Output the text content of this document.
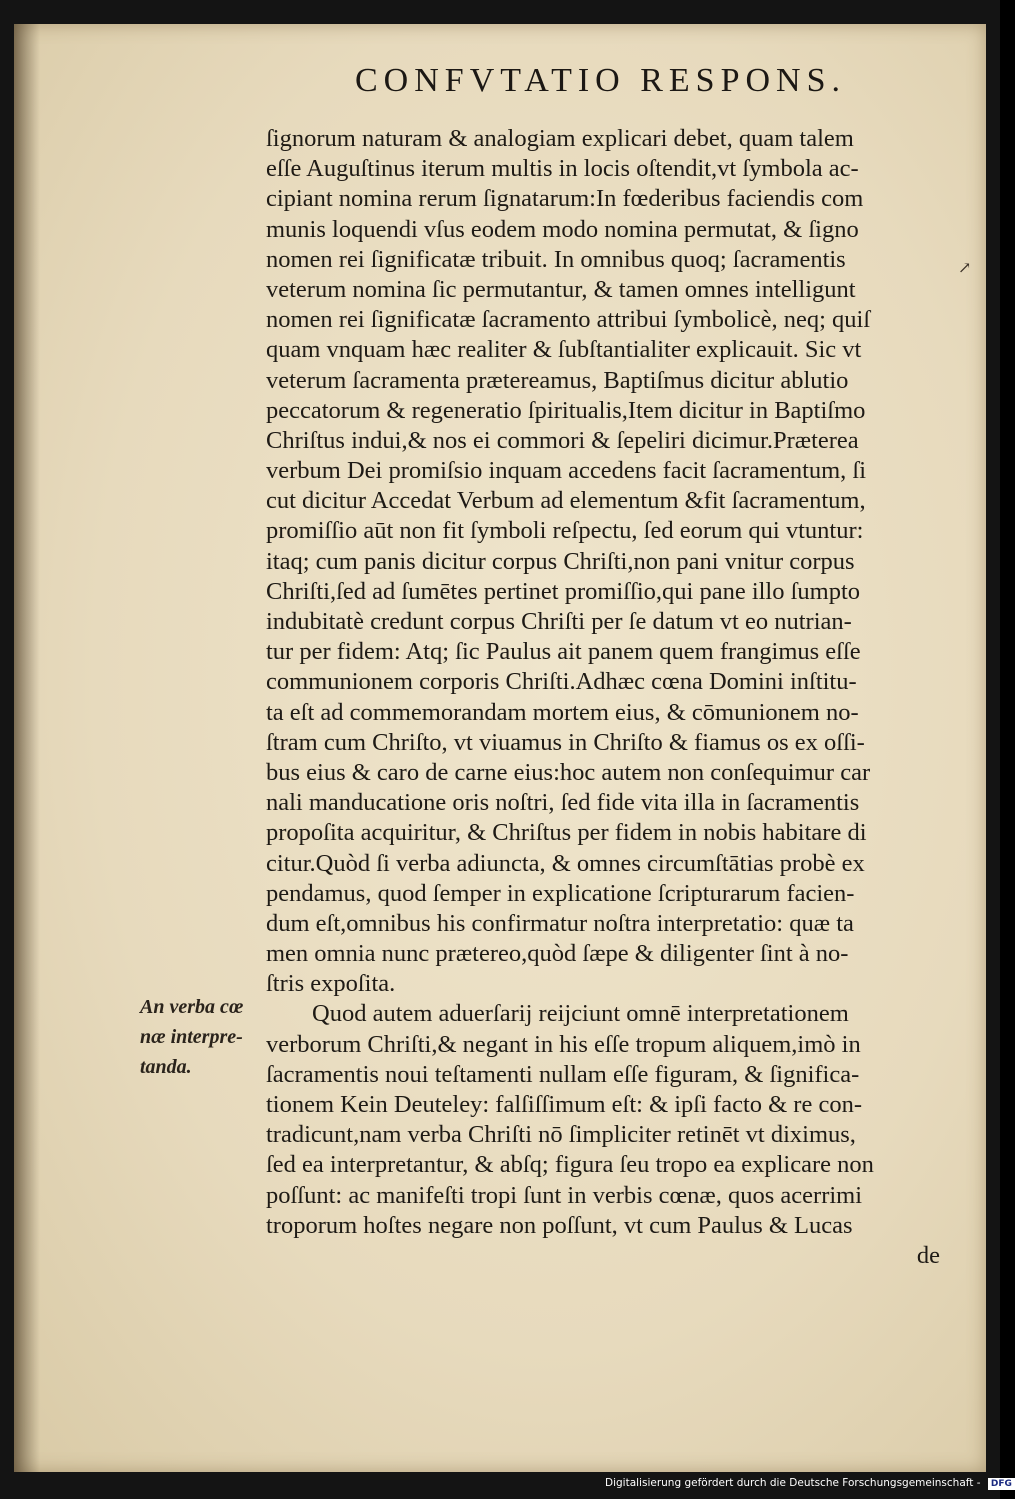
CONFVTATIO RESPONS.
↗
An verba cœ
næ interpre-
tanda.
ſignorum naturam & analogiam explicari debet, quam talem
eſſe Auguſtinus iterum multis in locis oſtendit,vt ſymbola ac-
cipiant nomina rerum ſignatarum:In fœderibus faciendis com
munis loquendi vſus eodem modo nomina permutat, & ſigno
nomen rei ſignificatæ tribuit. In omnibus quoq; ſacramentis
veterum nomina ſic permutantur, & tamen omnes intelligunt
nomen rei ſignificatæ ſacramento attribui ſymbolicè, neq; quiſ
quam vnquam hæc realiter & ſubſtantialiter explicauit. Sic vt
veterum ſacramenta prætereamus, Baptiſmus dicitur ablutio
peccatorum & regeneratio ſpiritualis,Item dicitur in Baptiſmo
Chriſtus indui,& nos ei commori & ſepeliri dicimur.Præterea
verbum Dei promiſsio inquam accedens facit ſacramentum, ſi
cut dicitur Accedat Verbum ad elementum &fit ſacramentum,
promiſſio aūt non fit ſymboli reſpectu, ſed eorum qui vtuntur:
itaq; cum panis dicitur corpus Chriſti,non pani vnitur corpus
Chriſti,ſed ad ſumētes pertinet promiſſio,qui pane illo ſumpto
indubitatè credunt corpus Chriſti per ſe datum vt eo nutrian-
tur per fidem: Atq; ſic Paulus ait panem quem frangimus eſſe
communionem corporis Chriſti.Adhæc cœna Domini inſtitu-
ta eſt ad commemorandam mortem eius, & cōmunionem no-
ſtram cum Chriſto, vt viuamus in Chriſto & fiamus os ex oſſi-
bus eius & caro de carne eius:hoc autem non conſequimur car
nali manducatione oris noſtri, ſed fide vita illa in ſacramentis
propoſita acquiritur, & Chriſtus per fidem in nobis habitare di
citur.Quòd ſi verba adiuncta, & omnes circumſtātias probè ex
pendamus, quod ſemper in explicatione ſcripturarum facien-
dum eſt,omnibus his confirmatur noſtra interpretatio: quæ ta
men omnia nunc prætereo,quòd ſæpe & diligenter ſint à no-
ſtris expoſita.
Quod autem aduerſarij reijciunt omnē interpretationem
verborum Chriſti,& negant in his eſſe tropum aliquem,imò in
ſacramentis noui teſtamenti nullam eſſe figuram, & ſignifica-
tionem Kein Deuteley: falſiſſimum eſt: & ipſi facto & re con-
tradicunt,nam verba Chriſti nō ſimpliciter retinēt vt diximus,
ſed ea interpretantur, & abſq; figura ſeu tropo ea explicare non
poſſunt: ac manifeſti tropi ſunt in verbis cœnæ, quos acerrimi
troporum hoſtes negare non poſſunt, vt cum Paulus & Lucas
de
Digitalisierung gefördert durch die Deutsche Forschungsgemeinschaft - DFG
